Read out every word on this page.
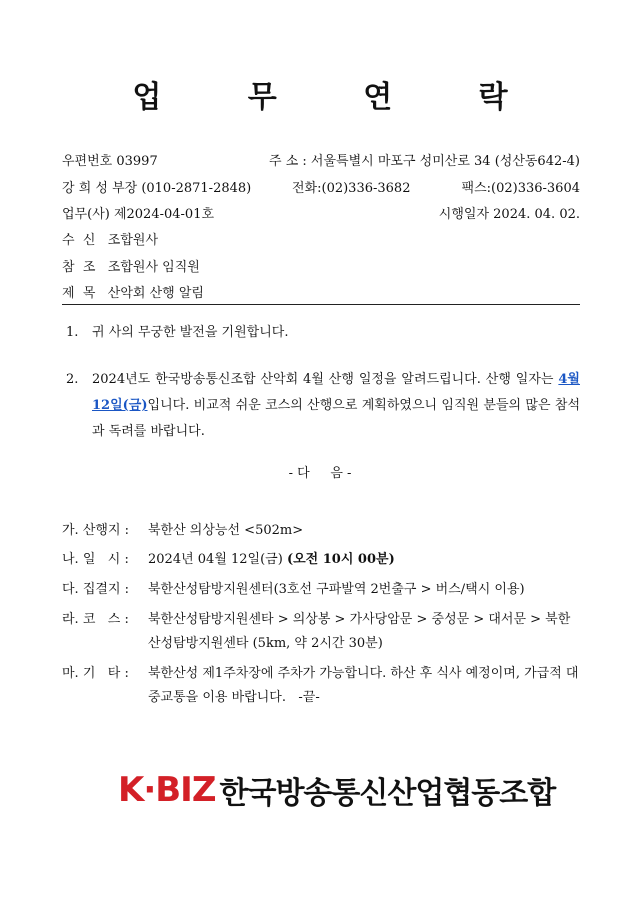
업 무 연 락
우편번호 03997	주 소 : 서울특별시 마포구 성미산로 34 (성산동642-4)
강 희 성 부장 (010-2871-2848)	전화:(02)336-3682	팩스:(02)336-3604
업무(사) 제2024-04-01호	시행일자 2024. 04. 02.
수  신   조합원사
참  조   조합원사 임직원
제  목   산악회 산행 알림
1. 귀 사의 무궁한 발전을 기원합니다.
2. 2024년도 한국방송통신조합 산악회 4월 산행 일정을 알려드립니다. 산행 일자는 4월 12일(금)입니다. 비교적 쉬운 코스의 산행으로 계획하였으니 임직원 분들의 많은 참석과 독려를 바랍니다.
- 다     음 -
가. 산행지 : 북한산 의상능선 <502m>
나. 일   시 : 2024년 04월 12일(금) (오전 10시 00분)
다. 집결지 : 북한산성탐방지원센터(3호선 구파발역 2번출구 > 버스/택시 이용)
라. 코   스 : 북한산성탐방지원센타 > 의상봉 > 가사당암문 > 중성문 > 대서문 > 북한산성탐방지원센타 (5km, 약 2시간 30분)
마. 기   타 : 북한산성 제1주차장에 주차가 가능합니다. 하산 후 식사 예정이며, 가급적 대중교통을 이용 바랍니다.   -끝-
K·BIZ 한국방송통신산업협동조합
